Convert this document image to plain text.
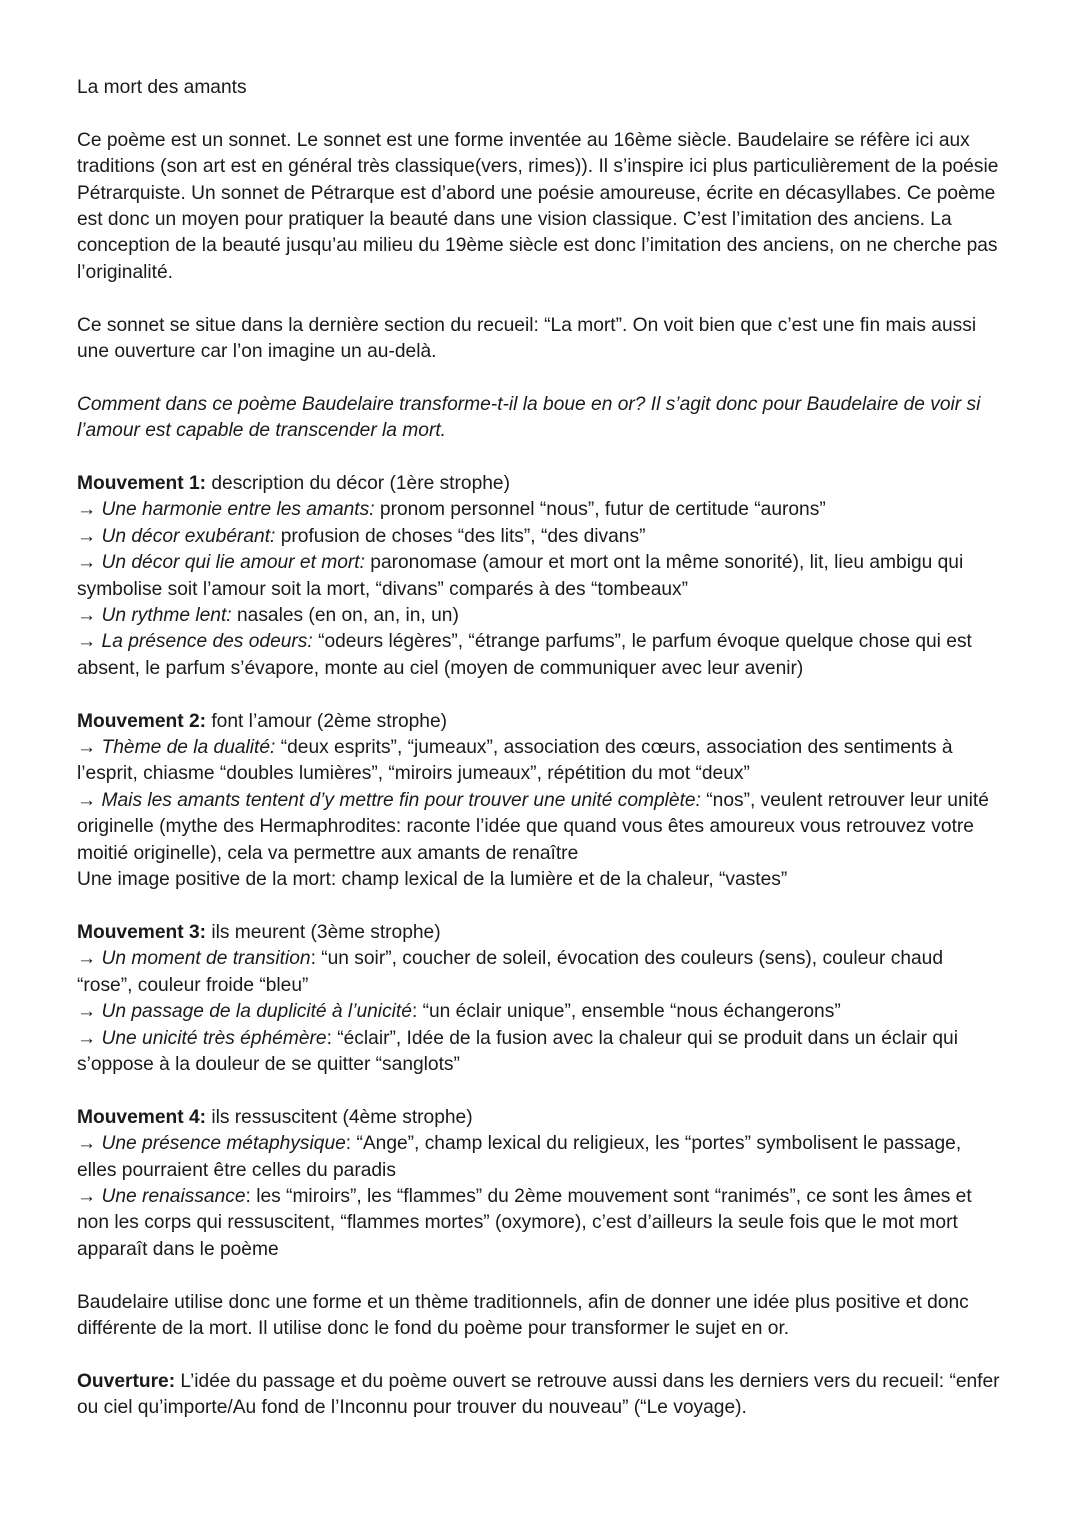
La mort des amants

Ce poème est un sonnet. Le sonnet est une forme inventée au 16ème siècle. Baudelaire se réfère ici aux traditions (son art est en général très classique(vers, rimes)). Il s’inspire ici plus particulièrement de la poésie Pétrarquiste. Un sonnet de Pétrarque est d’abord une poésie amoureuse, écrite en décasyllabes. Ce poème est donc un moyen pour pratiquer la beauté dans une vision classique. C’est l’imitation des anciens. La conception de la beauté jusqu’au milieu du 19ème siècle est donc l’imitation des anciens, on ne cherche pas l’originalité.

Ce sonnet se situe dans la dernière section du recueil: “La mort”. On voit bien que c’est une fin mais aussi une ouverture car l’on imagine un au-delà.

Comment dans ce poème Baudelaire transforme-t-il la boue en or? Il s’agit donc pour Baudelaire de voir si l’amour est capable de transcender la mort.

Mouvement 1: description du décor (1ère strophe)
→ Une harmonie entre les amants: pronom personnel “nous”, futur de certitude “aurons”
→ Un décor exubérant: profusion de choses “des lits”, “des divans”
→ Un décor qui lie amour et mort: paronomase (amour et mort ont la même sonorité), lit, lieu ambigu qui symbolise soit l’amour soit la mort, “divans” comparés à des “tombeaux”
→ Un rythme lent: nasales (en on, an, in, un)
→ La présence des odeurs: “odeurs légères”, “étrange parfums”, le parfum évoque quelque chose qui est absent, le parfum s’évapore, monte au ciel (moyen de communiquer avec leur avenir)

Mouvement 2: font l’amour (2ème strophe)
→ Thème de la dualité: “deux esprits”, “jumeaux”, association des cœurs, association des sentiments à l’esprit, chiasme “doubles lumières”, “miroirs jumeaux”, répétition du mot “deux”
→ Mais les amants tentent d’y mettre fin pour trouver une unité complète: “nos”, veulent retrouver leur unité originelle (mythe des Hermaphrodites: raconte l’idée que quand vous êtes amoureux vous retrouvez votre moitié originelle), cela va permettre aux amants de renaître
Une image positive de la mort: champ lexical de la lumière et de la chaleur, “vastes”

Mouvement 3: ils meurent (3ème strophe)
→ Un moment de transition: “un soir”, coucher de soleil, évocation des couleurs (sens), couleur chaud “rose”, couleur froide “bleu”
→ Un passage de la duplicité à l’unicité: “un éclair unique”, ensemble “nous échangerons”
→ Une unicité très éphémère: “éclair”, Idée de la fusion avec la chaleur qui se produit dans un éclair qui s’oppose à la douleur de se quitter “sanglots”

Mouvement 4: ils ressuscitent (4ème strophe)
→ Une présence métaphysique: “Ange”, champ lexical du religieux, les “portes” symbolisent le passage, elles pourraient être celles du paradis
→ Une renaissance: les “miroirs”, les “flammes” du 2ème mouvement sont “ranimés”, ce sont les âmes et non les corps qui ressuscitent, “flammes mortes” (oxymore), c’est d’ailleurs la seule fois que le mot mort apparaît dans le poème

Baudelaire utilise donc une forme et un thème traditionnels, afin de donner une idée plus positive et donc différente de la mort. Il utilise donc le fond du poème pour transformer le sujet en or.

Ouverture: L’idée du passage et du poème ouvert se retrouve aussi dans les derniers vers du recueil: “enfer ou ciel qu’importe/Au fond de l’Inconnu pour trouver du nouveau” (“Le voyage).
